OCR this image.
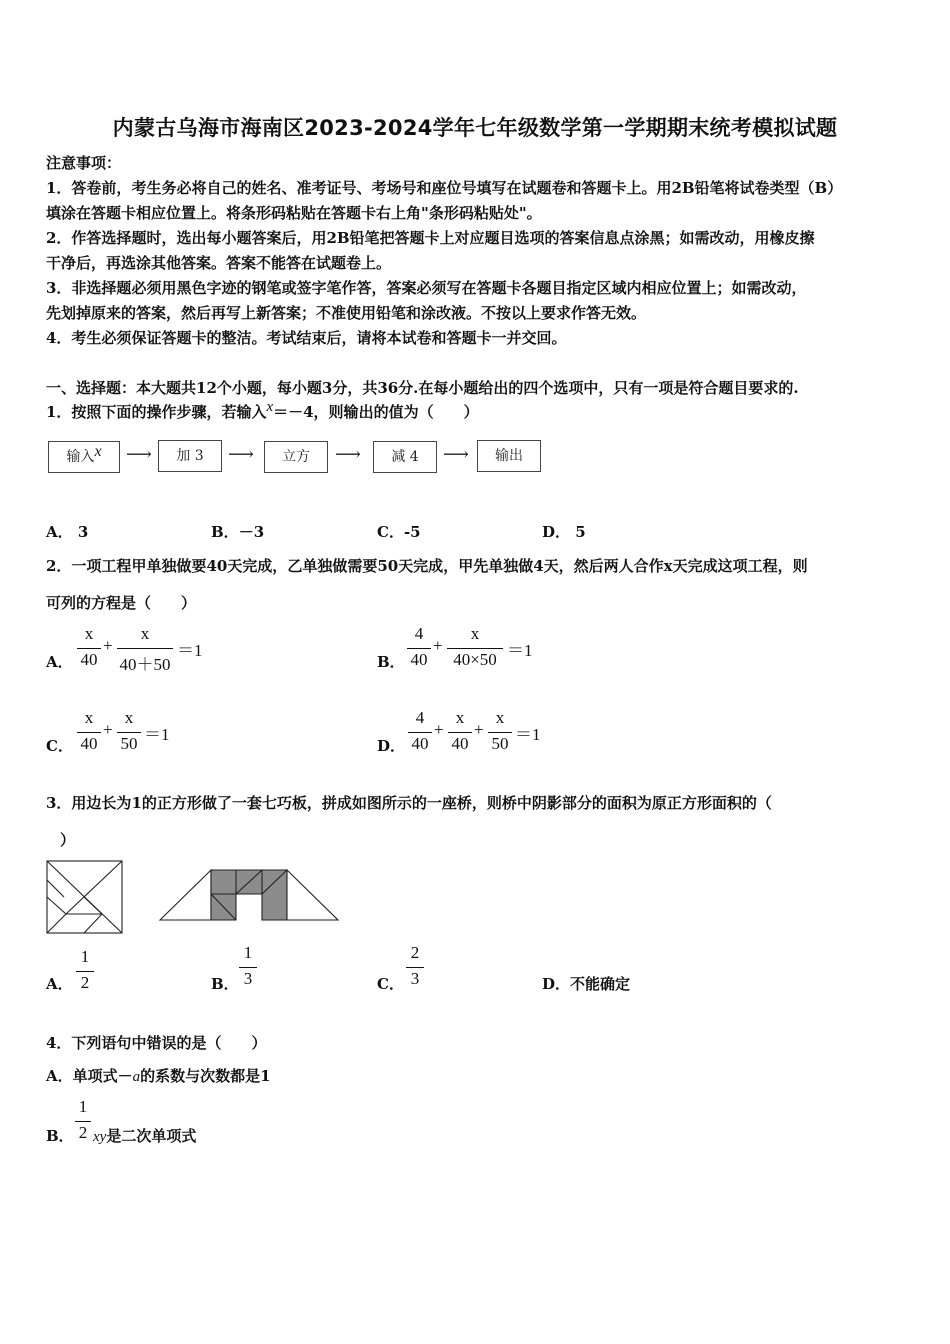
内蒙古乌海市海南区2023-2024学年七年级数学第一学期期末统考模拟试题
注意事项：
1．答卷前，考生务必将自己的姓名、准考证号、考场号和座位号填写在试题卷和答题卡上。用2B铅笔将试卷类型（B）
填涂在答题卡相应位置上。将条形码粘贴在答题卡右上角"条形码粘贴处"。
2．作答选择题时，选出每小题答案后，用2B铅笔把答题卡上对应题目选项的答案信息点涂黑；如需改动，用橡皮擦
干净后，再选涂其他答案。答案不能答在试题卷上。
3．非选择题必须用黑色字迹的钢笔或签字笔作答，答案必须写在答题卡各题目指定区域内相应位置上；如需改动，
先划掉原来的答案，然后再写上新答案；不准使用铅笔和涂改液。不按以上要求作答无效。
4．考生必须保证答题卡的整洁。考试结束后，请将本试卷和答题卡一并交回。
一、选择题：本大题共12个小题，每小题3分，共36分.在每小题给出的四个选项中，只有一项是符合题目要求的.
1．按照下面的操作步骤，若输入x＝－4，则输出的值为（　　）
输入x	⟶	加 3	⟶	立方	⟶	减 4	⟶	输出
A． 3	B．－3	C．-5	D． 5
2．一项工程甲单独做要40天完成，乙单独做需要50天完成，甲先单独做4天，然后两人合作x天完成这项工程，则
可列的方程是（　　）
A．
x
40
+
x
40＋50
＝1
B．
4
40
+
x
40×50 ＝1
C．
x
40
+
x
50 ＝1
D．
4
40
+
x
40
+
x
50 ＝1
3．用边长为1的正方形做了一套七巧板，拼成如图所示的一座桥，则桥中阴影部分的面积为原正方形面积的（
）
A．
1
2	B．
1
3	C．
2
3	D．不能确定
4．下列语句中错误的是（　　）
A．单项式－a的系数与次数都是1
B．
1
2 xy是二次单项式
